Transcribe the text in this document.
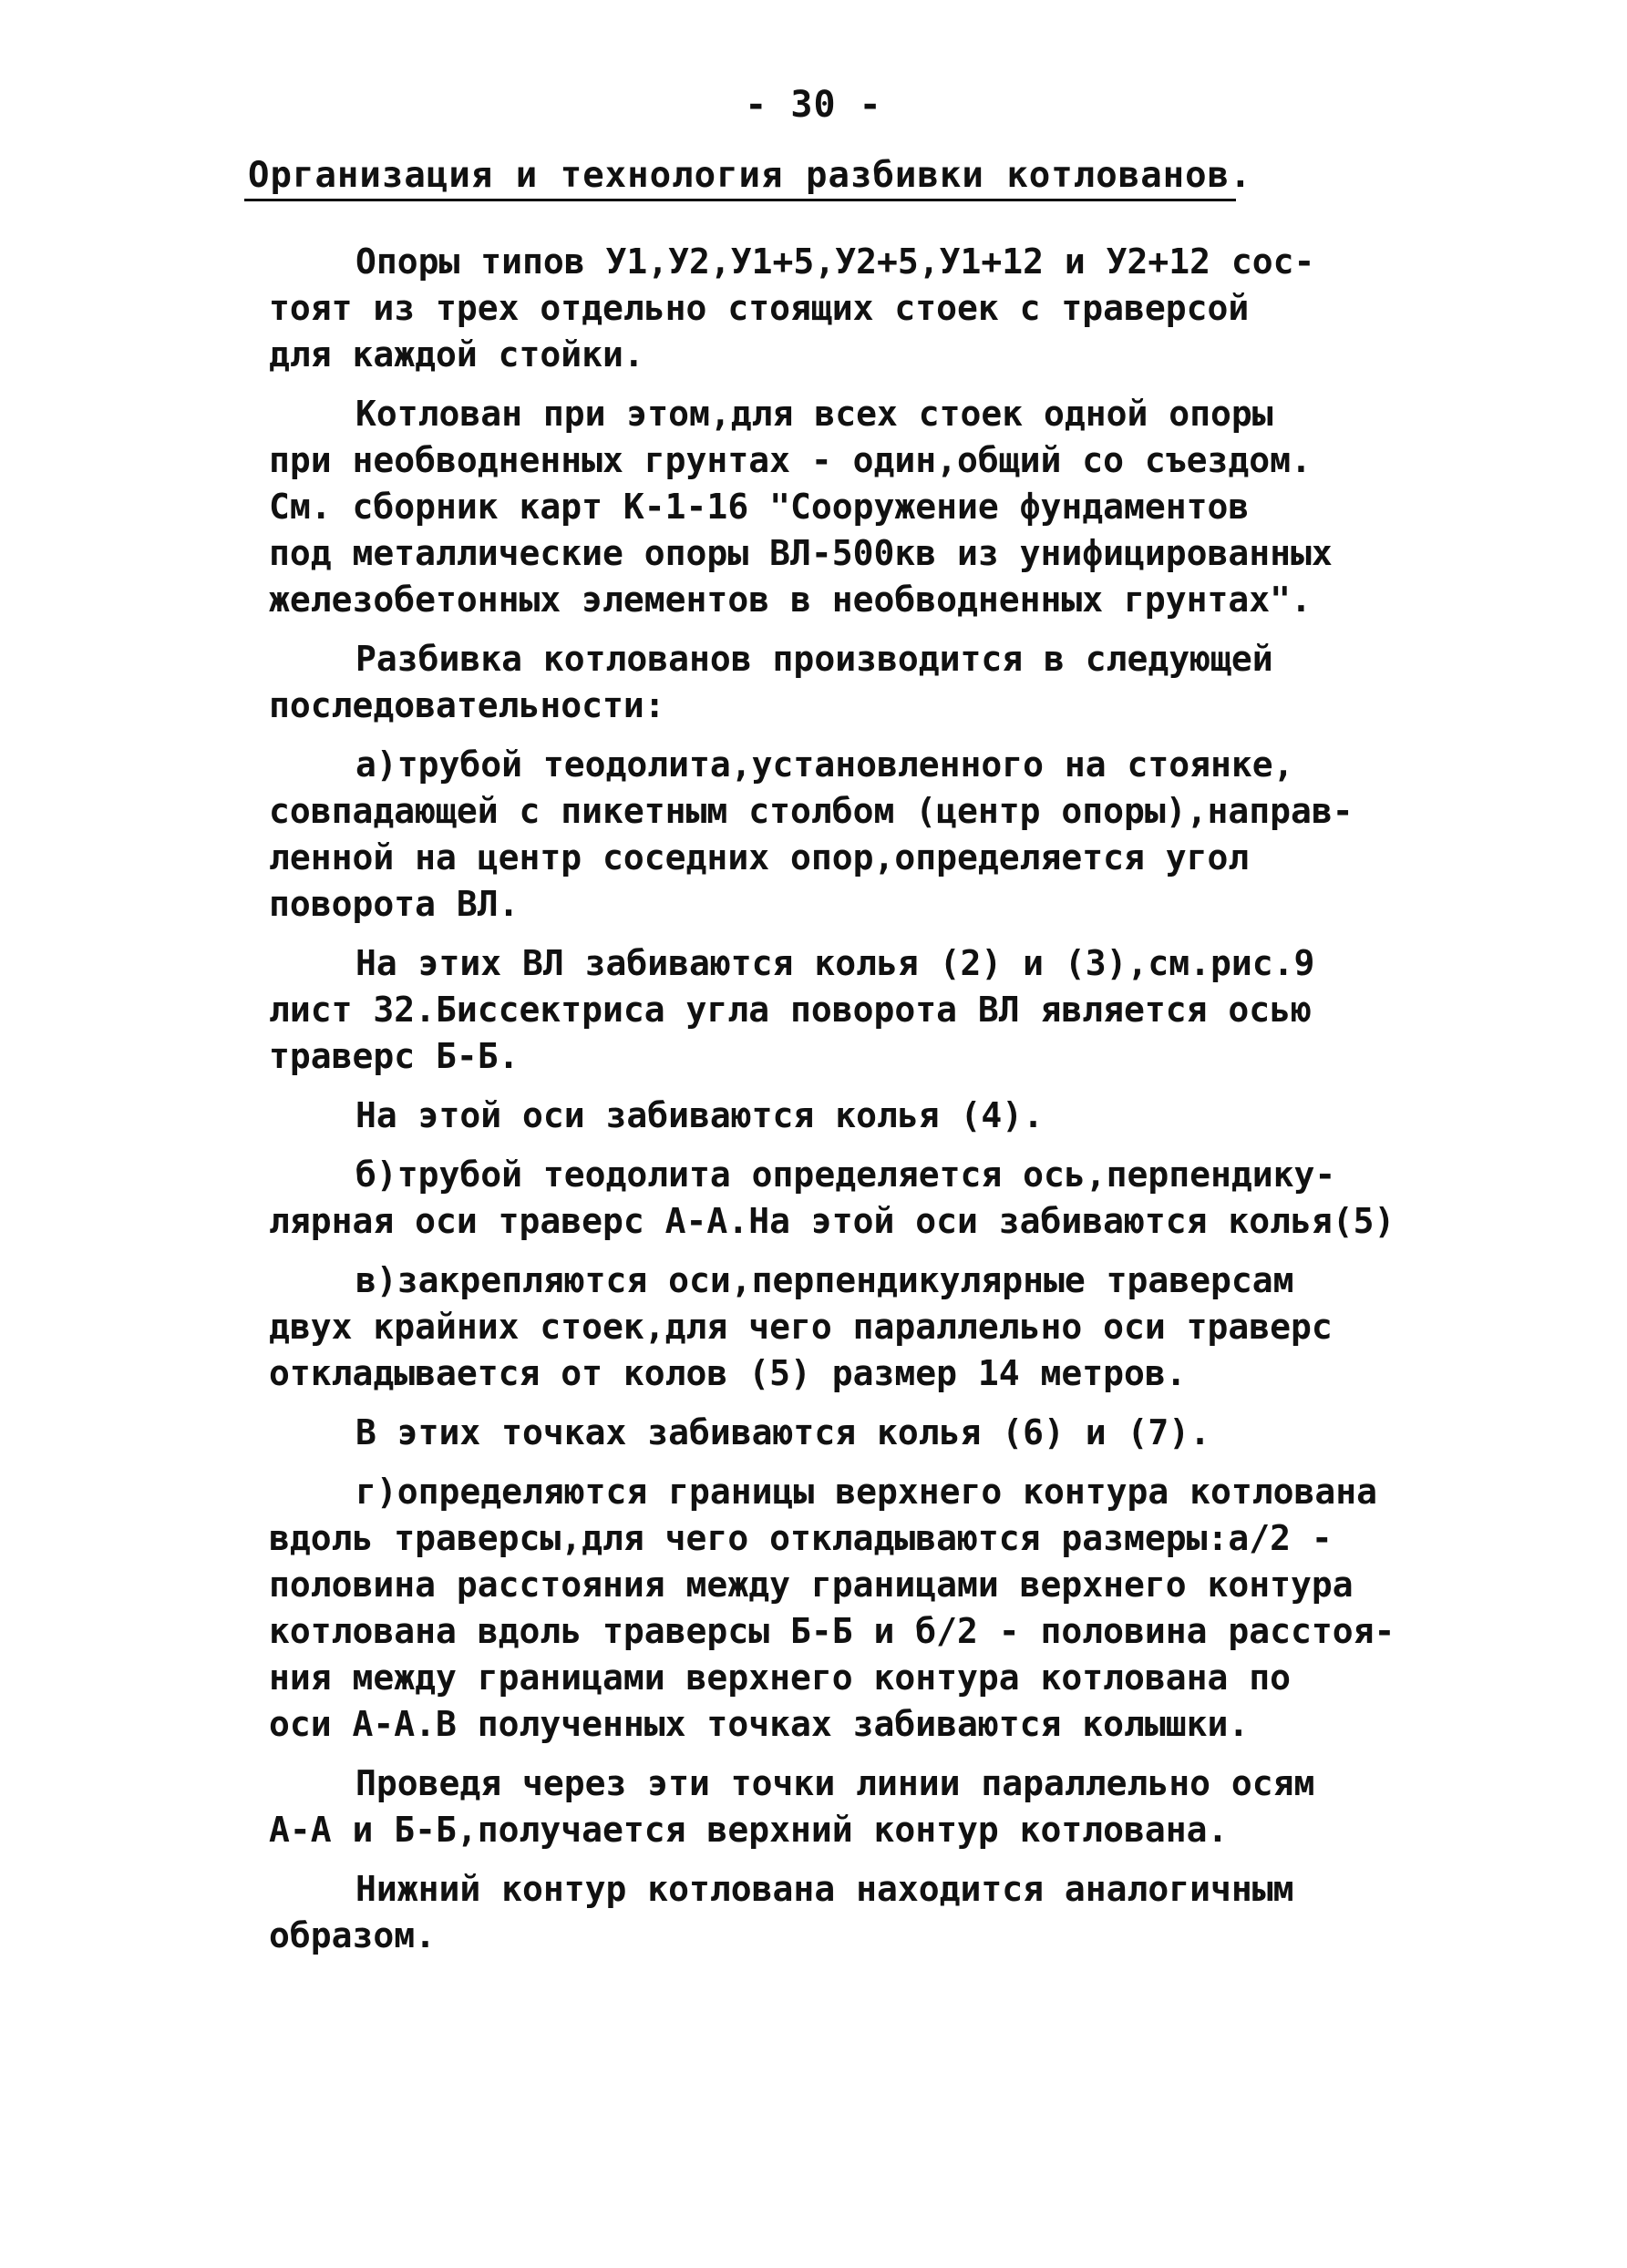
- 30 -
Организация и технология разбивки котлованов.
Опоры типов У1,У2,У1+5,У2+5,У1+12 и У2+12 сос-
тоят из трех отдельно стоящих стоек с траверсой
для каждой стойки.
Котлован при этом,для всех стоек одной опоры
при необводненных грунтах - один,общий со съездом.
См. сборник карт К-1-16 "Сооружение фундаментов
под металлические опоры ВЛ-500кв из унифицированных
железобетонных элементов в необводненных грунтах".
Разбивка котлованов производится в следующей
последовательности:
а)трубой теодолита,установленного на стоянке,
совпадающей с пикетным столбом (центр опоры),направ-
ленной на центр соседних опор,определяется угол
поворота ВЛ.
На этих ВЛ забиваются колья (2) и (3),см.рис.9
лист 32.Биссектриса угла поворота ВЛ является осью
траверс Б-Б.
На этой оси забиваются колья (4).
б)трубой теодолита определяется ось,перпендику-
лярная оси траверс А-А.На этой оси забиваются колья(5)
в)закрепляются оси,перпендикулярные траверсам
двух крайних стоек,для чего параллельно оси траверс
откладывается от колов (5) размер 14 метров.
В этих точках забиваются колья (6) и (7).
г)определяются границы верхнего контура котлована
вдоль траверсы,для чего откладываются размеры:а/2 -
половина расстояния между границами верхнего контура
котлована вдоль траверсы Б-Б и б/2 - половина расстоя-
ния между границами верхнего контура котлована по
оси А-А.В полученных точках забиваются колышки.
Проведя через эти точки линии параллельно осям
А-А и Б-Б,получается верхний контур котлована.
Нижний контур котлована находится аналогичным
образом.
